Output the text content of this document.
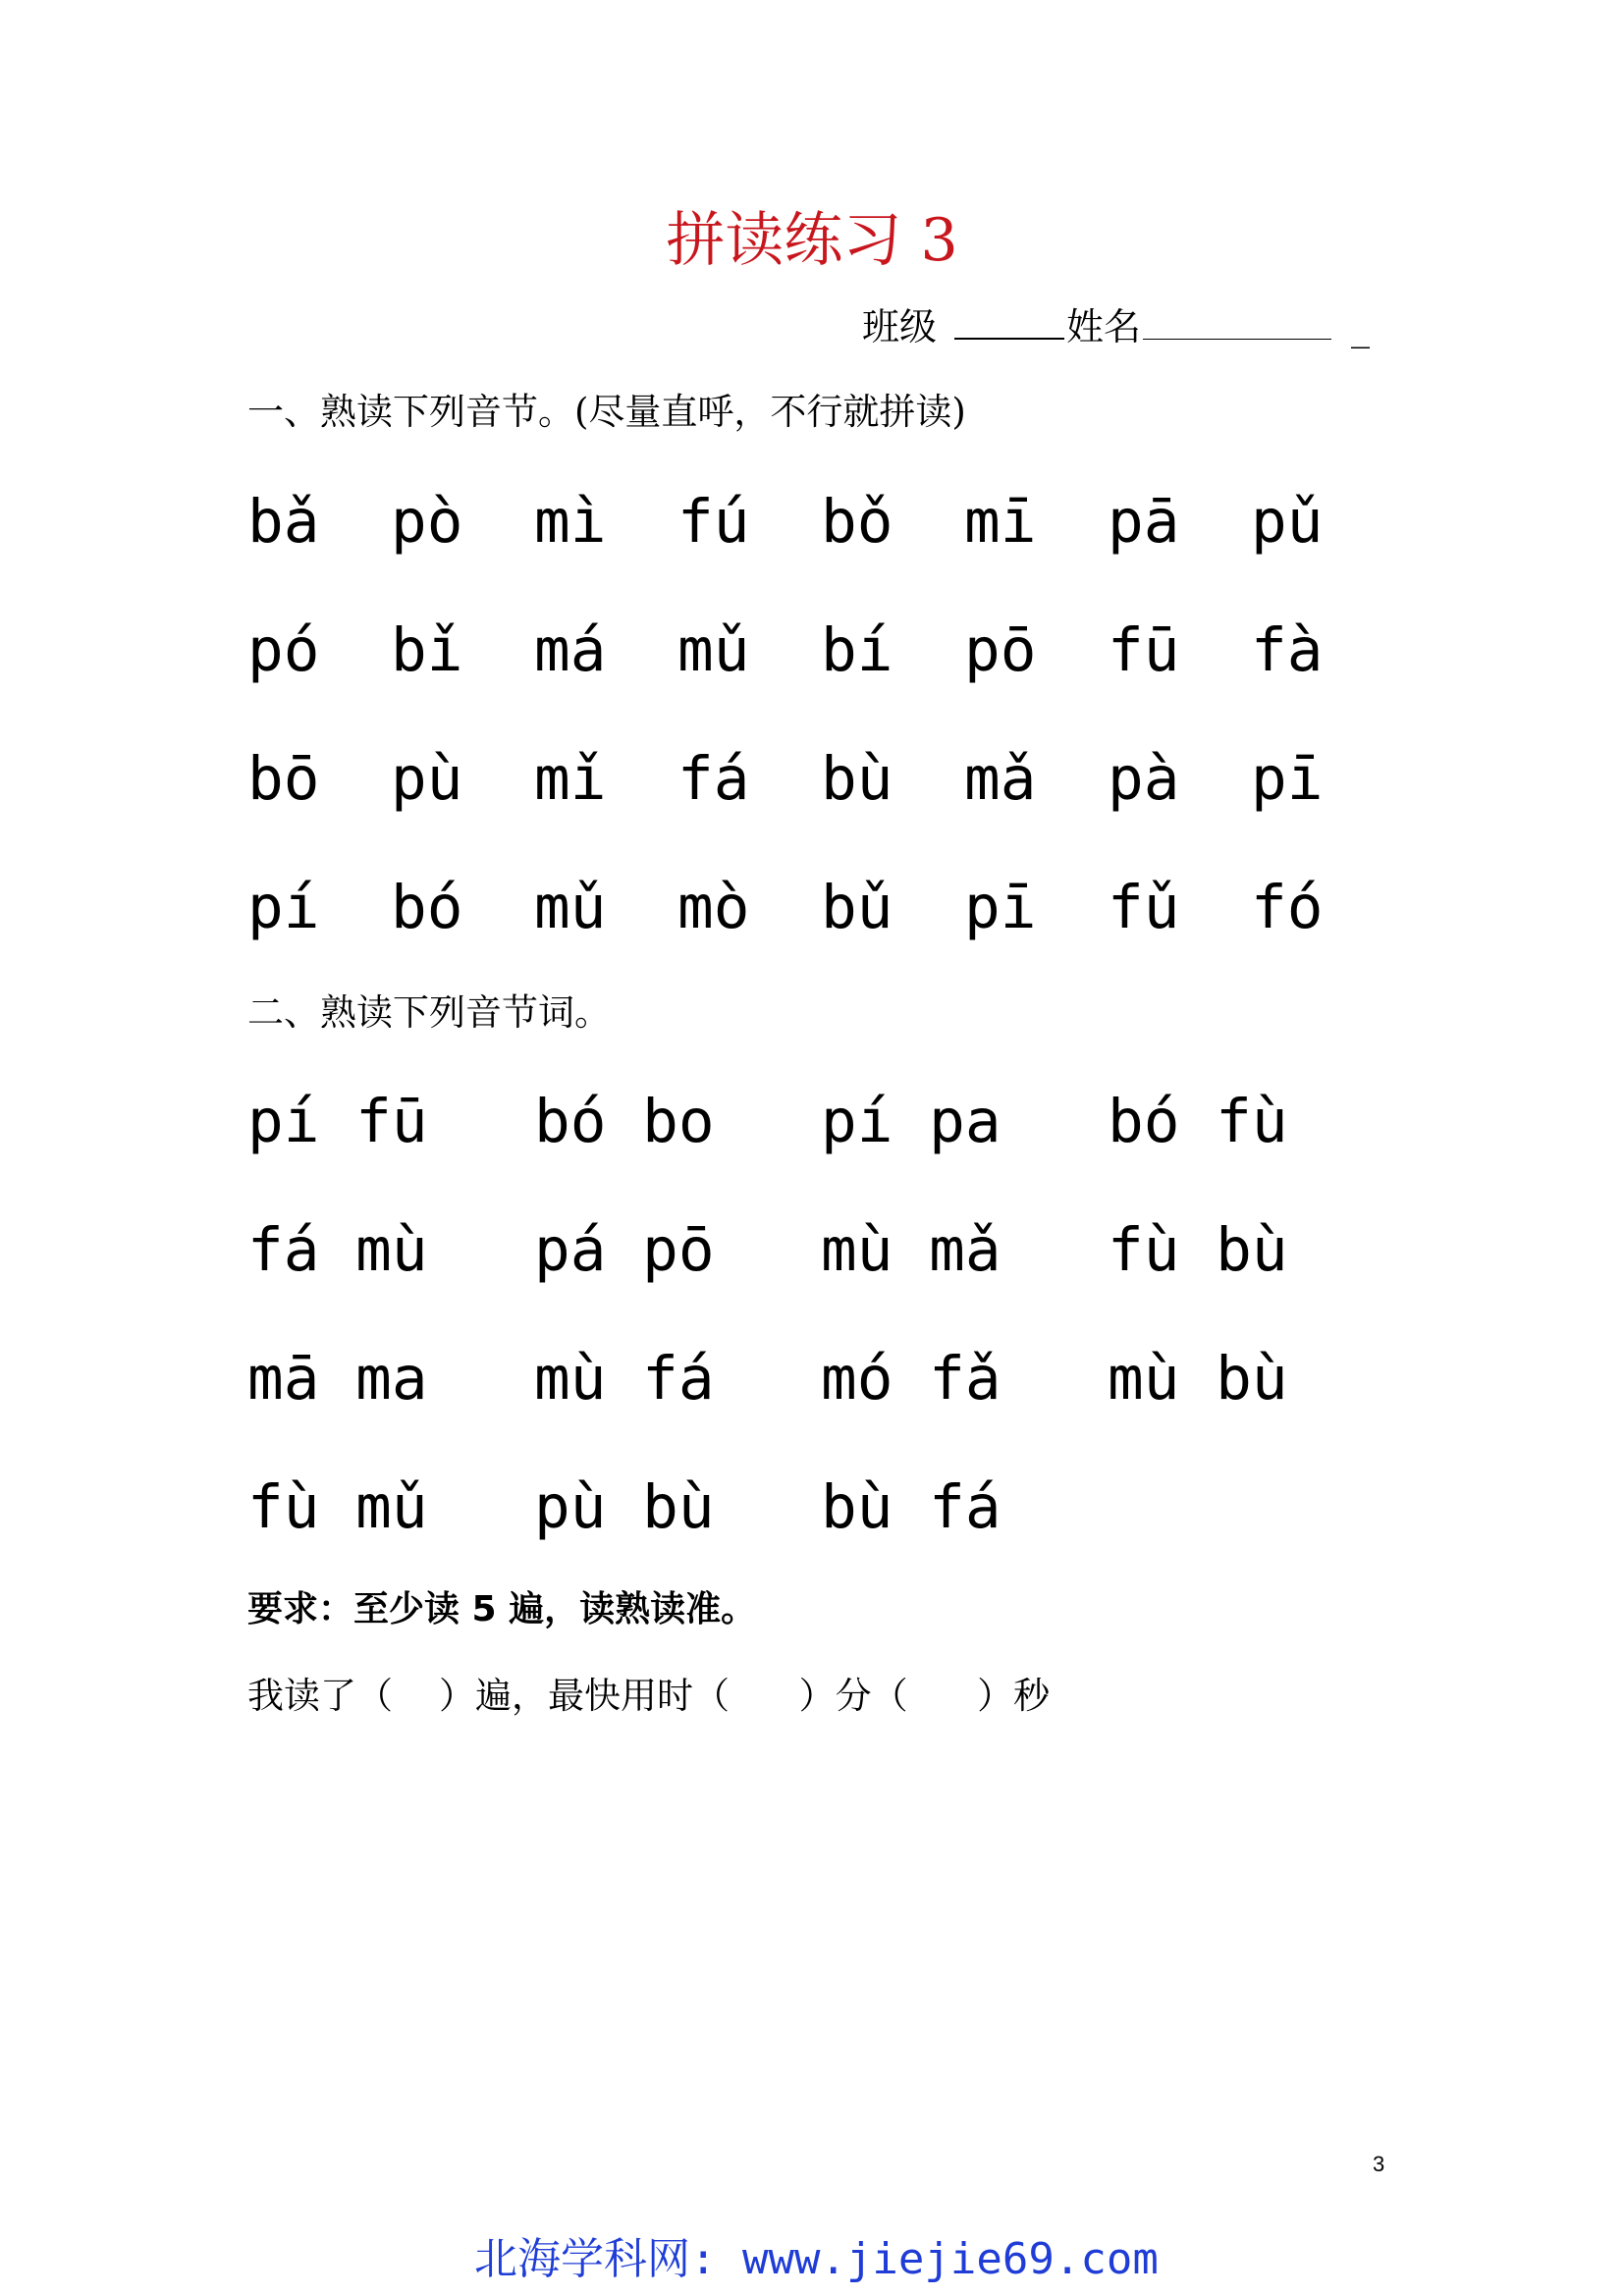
拼读练习 3
班级	姓名	_
一、熟读下列音节。(尽量直呼，不行就拼读)
bǎ pò mì fú bǒ mī pā pǔ
pó bǐ má mǔ bí pō fū fà
bō pù mǐ fá bù mǎ pà pī
pí bó mǔ mò bǔ pī fǔ fó
二、熟读下列音节词。
pí fū bó bo pí pa bó fù
fá mù pá pō mù mǎ fù bù
mā ma mù fá mó fǎ mù bù
fù mǔ pù bù bù fá
要求：至少读 5 遍，读熟读准。
我读了（    ）遍，最快用时（      ）分（      ）秒
3
北海学科网: www.jiejie69.com
